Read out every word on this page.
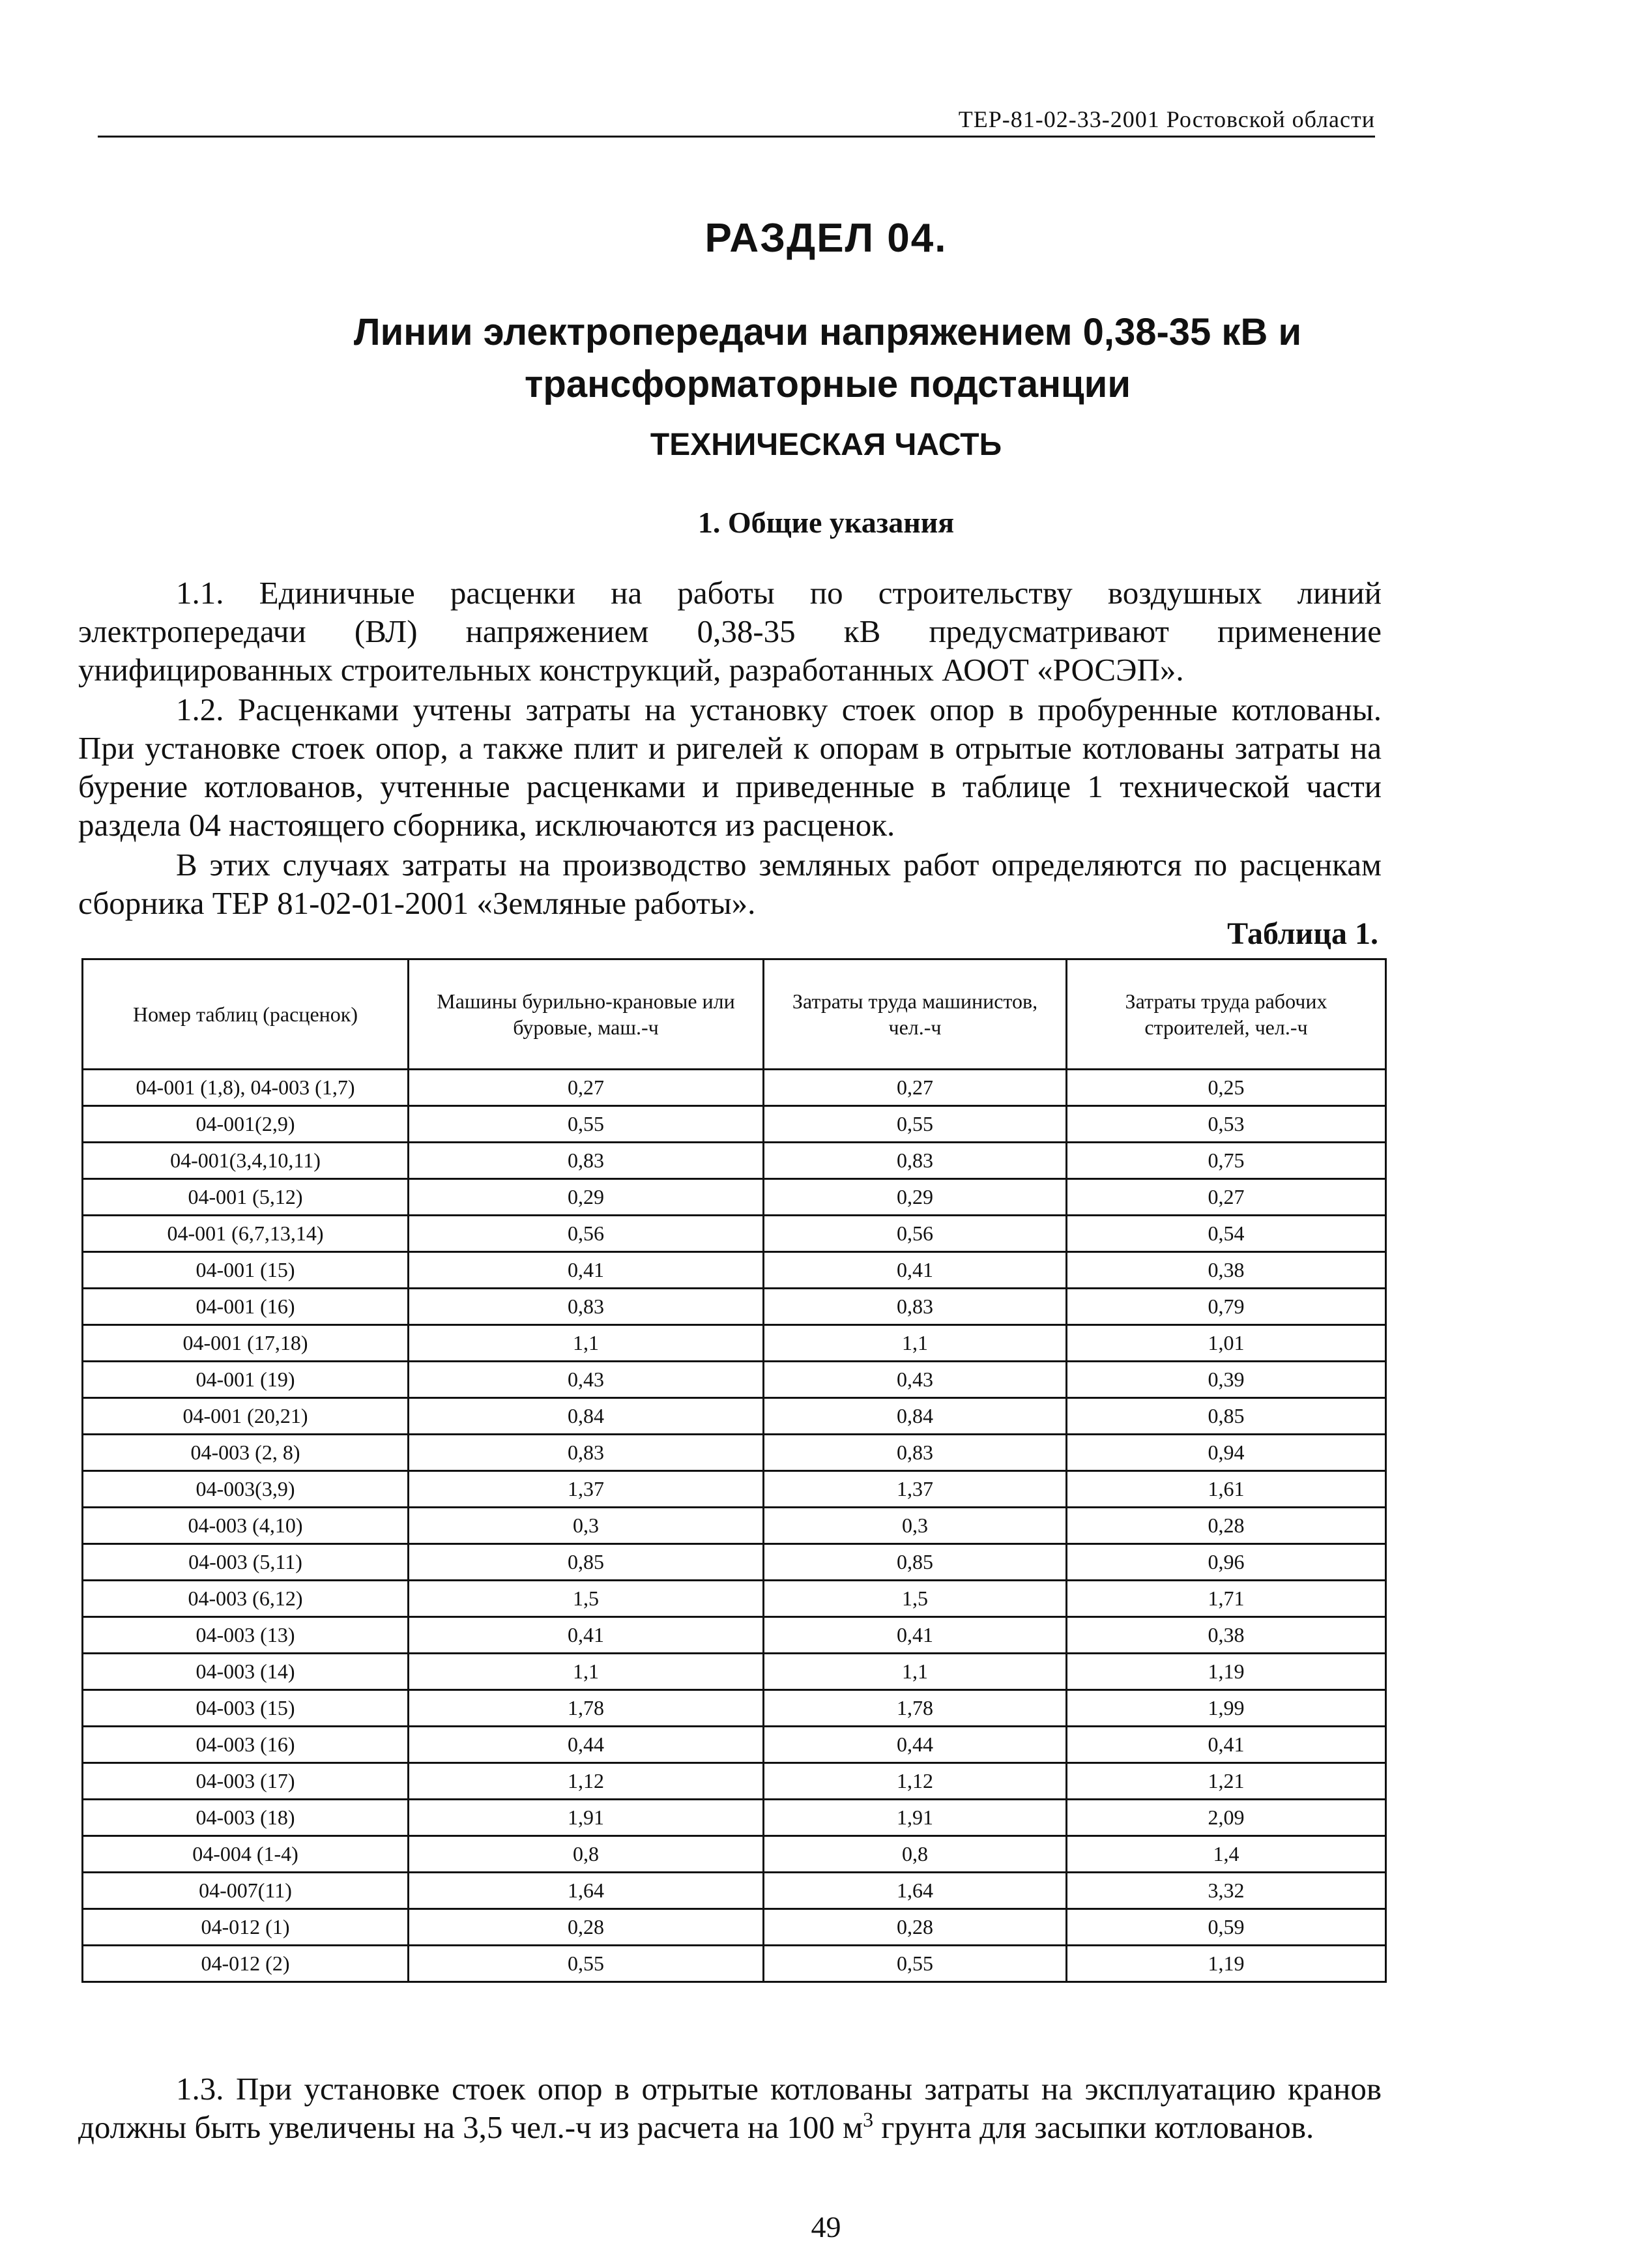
ТЕР-81-02-33-2001 Ростовской области
РАЗДЕЛ 04.
Линии электропередачи напряжением 0,38-35 кВ и
трансформаторные подстанции
ТЕХНИЧЕСКАЯ ЧАСТЬ
1. Общие указания

1.1. Единичные расценки на работы по строительству воздушных линий электропередачи (ВЛ) напряжением 0,38-35 кВ предусматривают применение унифицированных строительных конструкций, разработанных АООТ «РОСЭП».

1.2. Расценками учтены затраты на установку стоек опор в пробуренные котлованы. При установке стоек опор, а также плит и ригелей к опорам в отрытые котлованы затраты на бурение котлованов, учтенные расценками и приведенные в таблице 1 технической части раздела 04 настоящего сборника, исключаются из расценок.

В этих случаях затраты на производство земляных работ определяются по расценкам сборника ТЕР 81-02-01-2001 «Земляные работы».

Таблица 1.
Номер таблиц (расценок)	Машины бурильно-крановые или буровые, маш.-ч	Затраты труда машинистов, чел.-ч	Затраты труда рабочих строителей, чел.-ч
04-001 (1,8), 04-003 (1,7)	0,27	0,27	0,25
04-001(2,9)	0,55	0,55	0,53
04-001(3,4,10,11)	0,83	0,83	0,75
04-001 (5,12)	0,29	0,29	0,27
04-001 (6,7,13,14)	0,56	0,56	0,54
04-001 (15)	0,41	0,41	0,38
04-001 (16)	0,83	0,83	0,79
04-001 (17,18)	1,1	1,1	1,01
04-001 (19)	0,43	0,43	0,39
04-001 (20,21)	0,84	0,84	0,85
04-003 (2, 8)	0,83	0,83	0,94
04-003(3,9)	1,37	1,37	1,61
04-003 (4,10)	0,3	0,3	0,28
04-003 (5,11)	0,85	0,85	0,96
04-003 (6,12)	1,5	1,5	1,71
04-003 (13)	0,41	0,41	0,38
04-003 (14)	1,1	1,1	1,19
04-003 (15)	1,78	1,78	1,99
04-003 (16)	0,44	0,44	0,41
04-003 (17)	1,12	1,12	1,21
04-003 (18)	1,91	1,91	2,09
04-004 (1-4)	0,8	0,8	1,4
04-007(11)	1,64	1,64	3,32
04-012 (1)	0,28	0,28	0,59
04-012 (2)	0,55	0,55	1,19

1.3. При установке стоек опор в отрытые котлованы затраты на эксплуатацию кранов должны быть увеличены на 3,5 чел.-ч из расчета на 100 $м^3$ грунта для засыпки котлованов.

49
